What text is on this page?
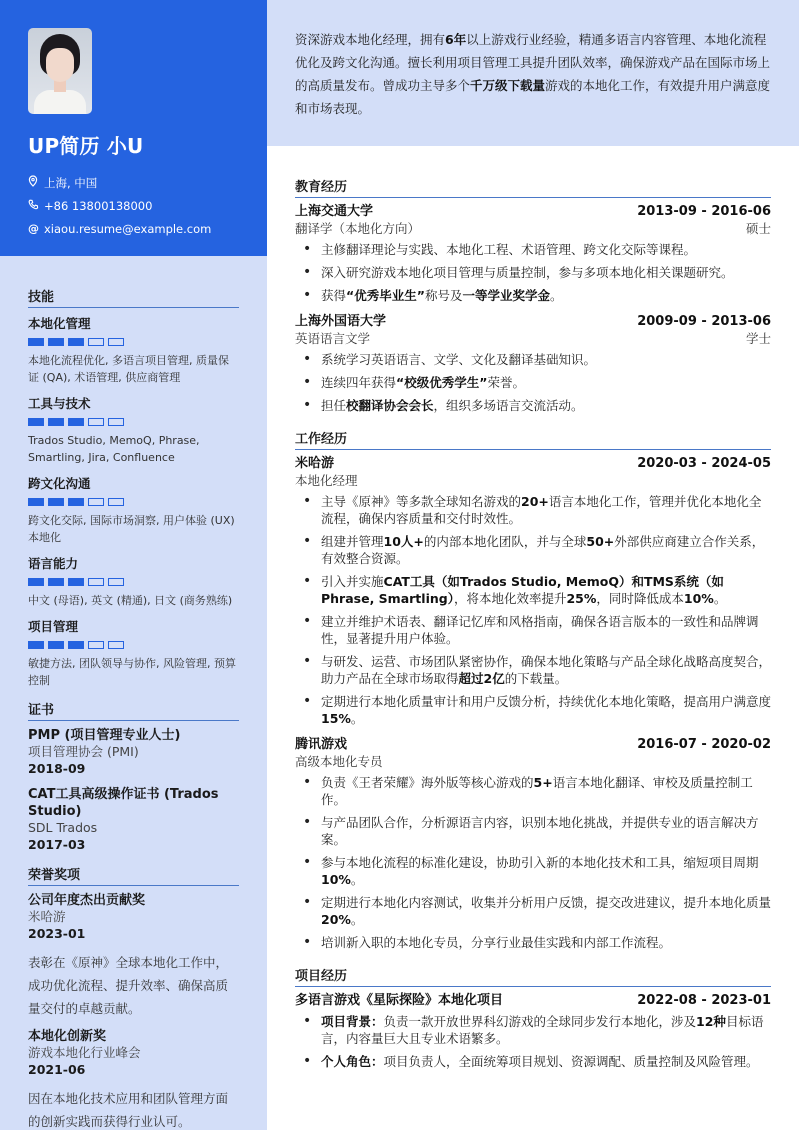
UP简历 小U
上海, 中国
+86 13800138000
@ xiaou.resume@example.com
技能
本地化管理
本地化流程优化, 多语言项目管理, 质量保证 (QA), 术语管理, 供应商管理
工具与技术
Trados Studio, MemoQ, Phrase, Smartling, Jira, Confluence
跨文化沟通
跨文化交际, 国际市场洞察, 用户体验 (UX) 本地化
语言能力
中文 (母语), 英文 (精通), 日文 (商务熟练)
项目管理
敏捷方法, 团队领导与协作, 风险管理, 预算控制
证书
PMP (项目管理专业人士)
项目管理协会 (PMI)
2018-09
CAT工具高级操作证书 (Trados Studio)
SDL Trados
2017-03
荣誉奖项
公司年度杰出贡献奖
米哈游
2023-01
表彰在《原神》全球本地化工作中，成功优化流程、提升效率、确保高质量交付的卓越贡献。
本地化创新奖
游戏本地化行业峰会
2021-06
因在本地化技术应用和团队管理方面的创新实践而获得行业认可。
资深游戏本地化经理，拥有6年以上游戏行业经验，精通多语言内容管理、本地化流程优化及跨文化沟通。擅长利用项目管理工具提升团队效率，确保游戏产品在国际市场上的高质量发布。曾成功主导多个千万级下载量游戏的本地化工作，有效提升用户满意度和市场表现。
教育经历
上海交通大学	2013-09 - 2016-06
翻译学（本地化方向）	硕士
• 主修翻译理论与实践、本地化工程、术语管理、跨文化交际等课程。
• 深入研究游戏本地化项目管理与质量控制，参与多项本地化相关课题研究。
• 获得“优秀毕业生”称号及一等学业奖学金。
上海外国语大学	2009-09 - 2013-06
英语语言文学	学士
• 系统学习英语语言、文学、文化及翻译基础知识。
• 连续四年获得“校级优秀学生”荣誉。
• 担任校翻译协会会长，组织多场语言交流活动。
工作经历
米哈游	2020-03 - 2024-05
本地化经理
• 主导《原神》等多款全球知名游戏的20+语言本地化工作，管理并优化本地化全流程，确保内容质量和交付时效性。
• 组建并管理10人+的内部本地化团队，并与全球50+外部供应商建立合作关系，有效整合资源。
• 引入并实施CAT工具（如Trados Studio, MemoQ）和TMS系统（如Phrase, Smartling），将本地化效率提升25%，同时降低成本10%。
• 建立并维护术语表、翻译记忆库和风格指南，确保各语言版本的一致性和品牌调性，显著提升用户体验。
• 与研发、运营、市场团队紧密协作，确保本地化策略与产品全球化战略高度契合，助力产品在全球市场取得超过2亿的下载量。
• 定期进行本地化质量审计和用户反馈分析，持续优化本地化策略，提高用户满意度15%。
腾讯游戏	2016-07 - 2020-02
高级本地化专员
• 负责《王者荣耀》海外版等核心游戏的5+语言本地化翻译、审校及质量控制工作。
• 与产品团队合作，分析源语言内容，识别本地化挑战，并提供专业的语言解决方案。
• 参与本地化流程的标准化建设，协助引入新的本地化技术和工具，缩短项目周期10%。
• 定期进行本地化内容测试，收集并分析用户反馈，提交改进建议，提升本地化质量20%。
• 培训新入职的本地化专员，分享行业最佳实践和内部工作流程。
项目经历
多语言游戏《星际探险》本地化项目	2022-08 - 2023-01
• 项目背景：负责一款开放世界科幻游戏的全球同步发行本地化，涉及12种目标语言，内容量巨大且专业术语繁多。
• 个人角色：项目负责人，全面统筹项目规划、资源调配、质量控制及风险管理。
